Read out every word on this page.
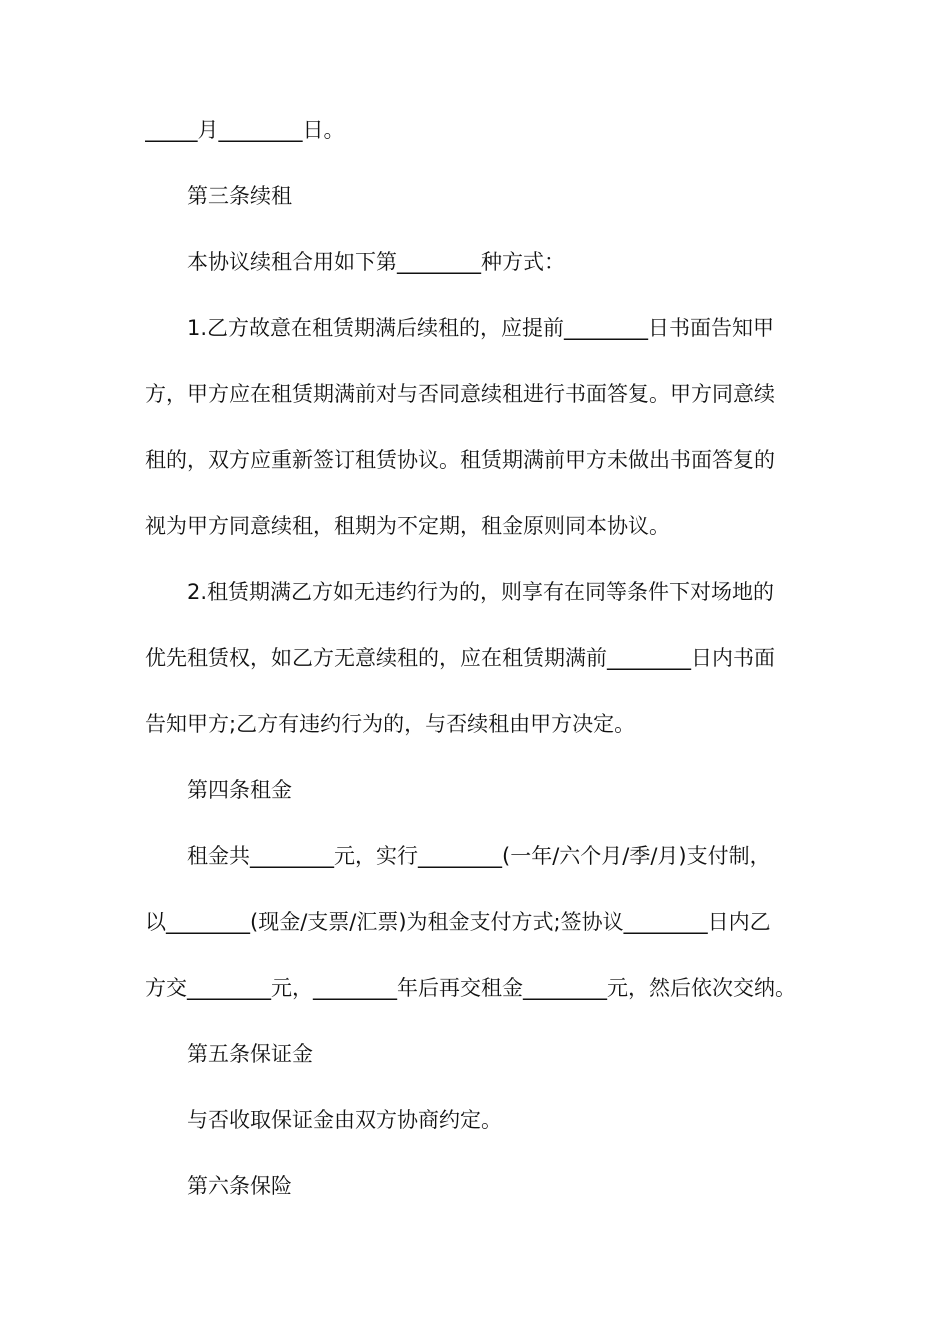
_____月________日。
第三条续租
本协议续租合用如下第________种方式：
1.乙方故意在租赁期满后续租的，应提前________日书面告知甲
方，甲方应在租赁期满前对与否同意续租进行书面答复。甲方同意续
租的，双方应重新签订租赁协议。租赁期满前甲方未做出书面答复的
视为甲方同意续租，租期为不定期，租金原则同本协议。
2.租赁期满乙方如无违约行为的，则享有在同等条件下对场地的
优先租赁权，如乙方无意续租的，应在租赁期满前________日内书面
告知甲方;乙方有违约行为的，与否续租由甲方决定。
第四条租金
租金共________元，实行________(一年/六个月/季/月)支付制，
以________(现金/支票/汇票)为租金支付方式;签协议________日内乙
方交________元，________年后再交租金________元，然后依次交纳。
第五条保证金
与否收取保证金由双方协商约定。
第六条保险
